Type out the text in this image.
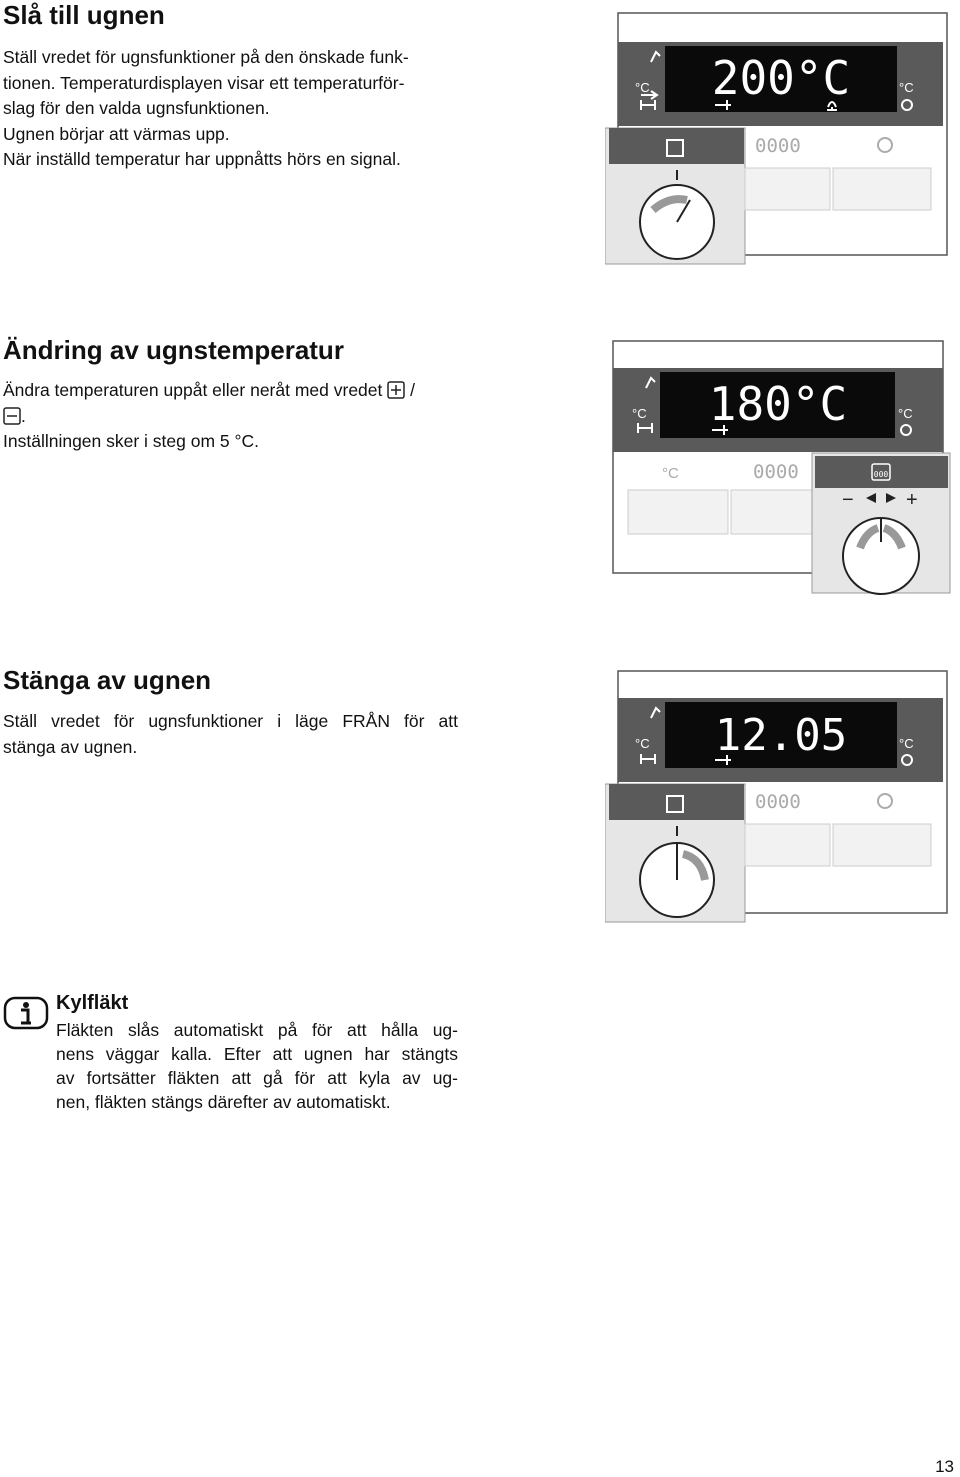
Slå till ugnen
Ställ vredet för ugnsfunktioner på den önskade funk-
tionen. Temperaturdisplayen visar ett temperaturför-
slag för den valda ugnsfunktionen.
Ugnen börjar att värmas upp.
När inställd temperatur har uppnåtts hörs en signal.
200°C
°C	°C
0000
Ändring av ugnstemperatur
Ändra temperaturen uppåt eller neråt med vredet /
.
Inställningen sker i steg om 5 °C.
180°C
°C	°C
°C	0000	000
−	+
Stänga av ugnen
Ställ vredet för ugnsfunktioner i läge FRÅN för att
stänga av ugnen.	12.05
°C	°C
0000
Kylfläkt
Fläkten slås automatiskt på för att hålla ug-
nens väggar kalla. Efter att ugnen har stängts
av fortsätter fläkten att gå för att kyla av ug-
nen, fläkten stängs därefter av automatiskt.
13
